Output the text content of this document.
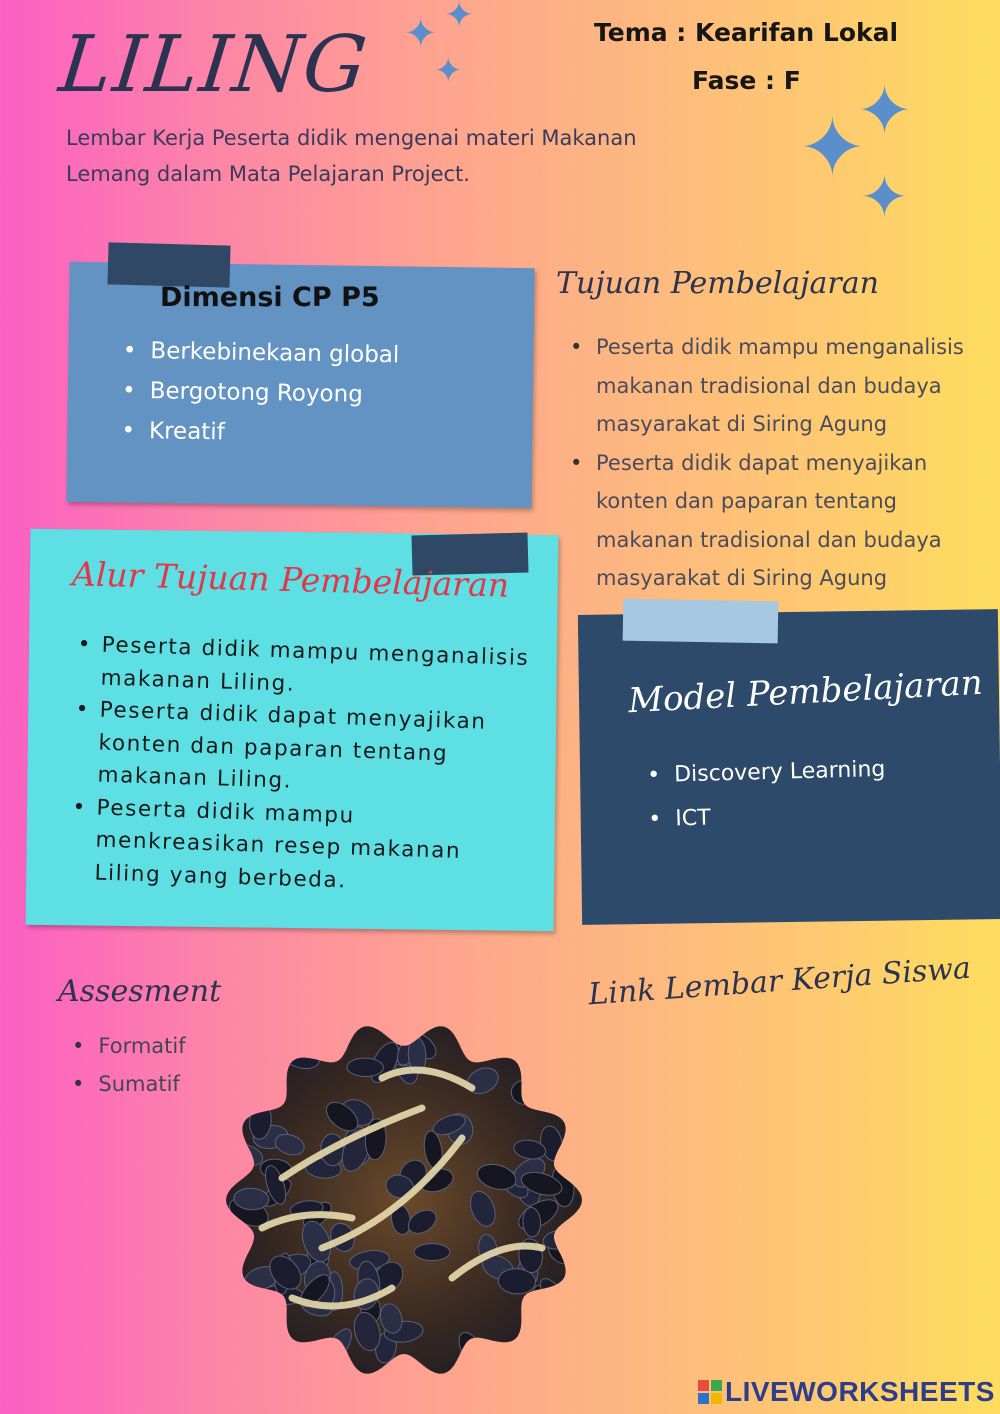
LILING
Lembar Kerja Peserta didik mengenai materi Makanan Lemang dalam Mata Pelajaran Project.
Tema : Kearifan Lokal
Fase : F
✦ ✦
✦
✦
✦
✦
Dimensi CP P5
• Berkebinekaan global
• Bergotong Royong
• Kreatif
Tujuan Pembelajaran
• Peserta didik mampu menganalisis makanan tradisional dan budaya masyarakat di Siring Agung
• Peserta didik dapat menyajikan konten dan paparan tentang makanan tradisional dan budaya masyarakat di Siring Agung
Alur Tujuan Pembelajaran
• Peserta didik mampu menganalisis makanan Liling.
• Peserta didik dapat menyajikan konten dan paparan tentang makanan Liling.
• Peserta didik mampu menkreasikan resep makanan Liling yang berbeda.
Model Pembelajaran
• Discovery Learning
• ICT
Assesment
• Formatif
• Sumatif
Link Lembar Kerja Siswa
LIVEWORKSHEETS
